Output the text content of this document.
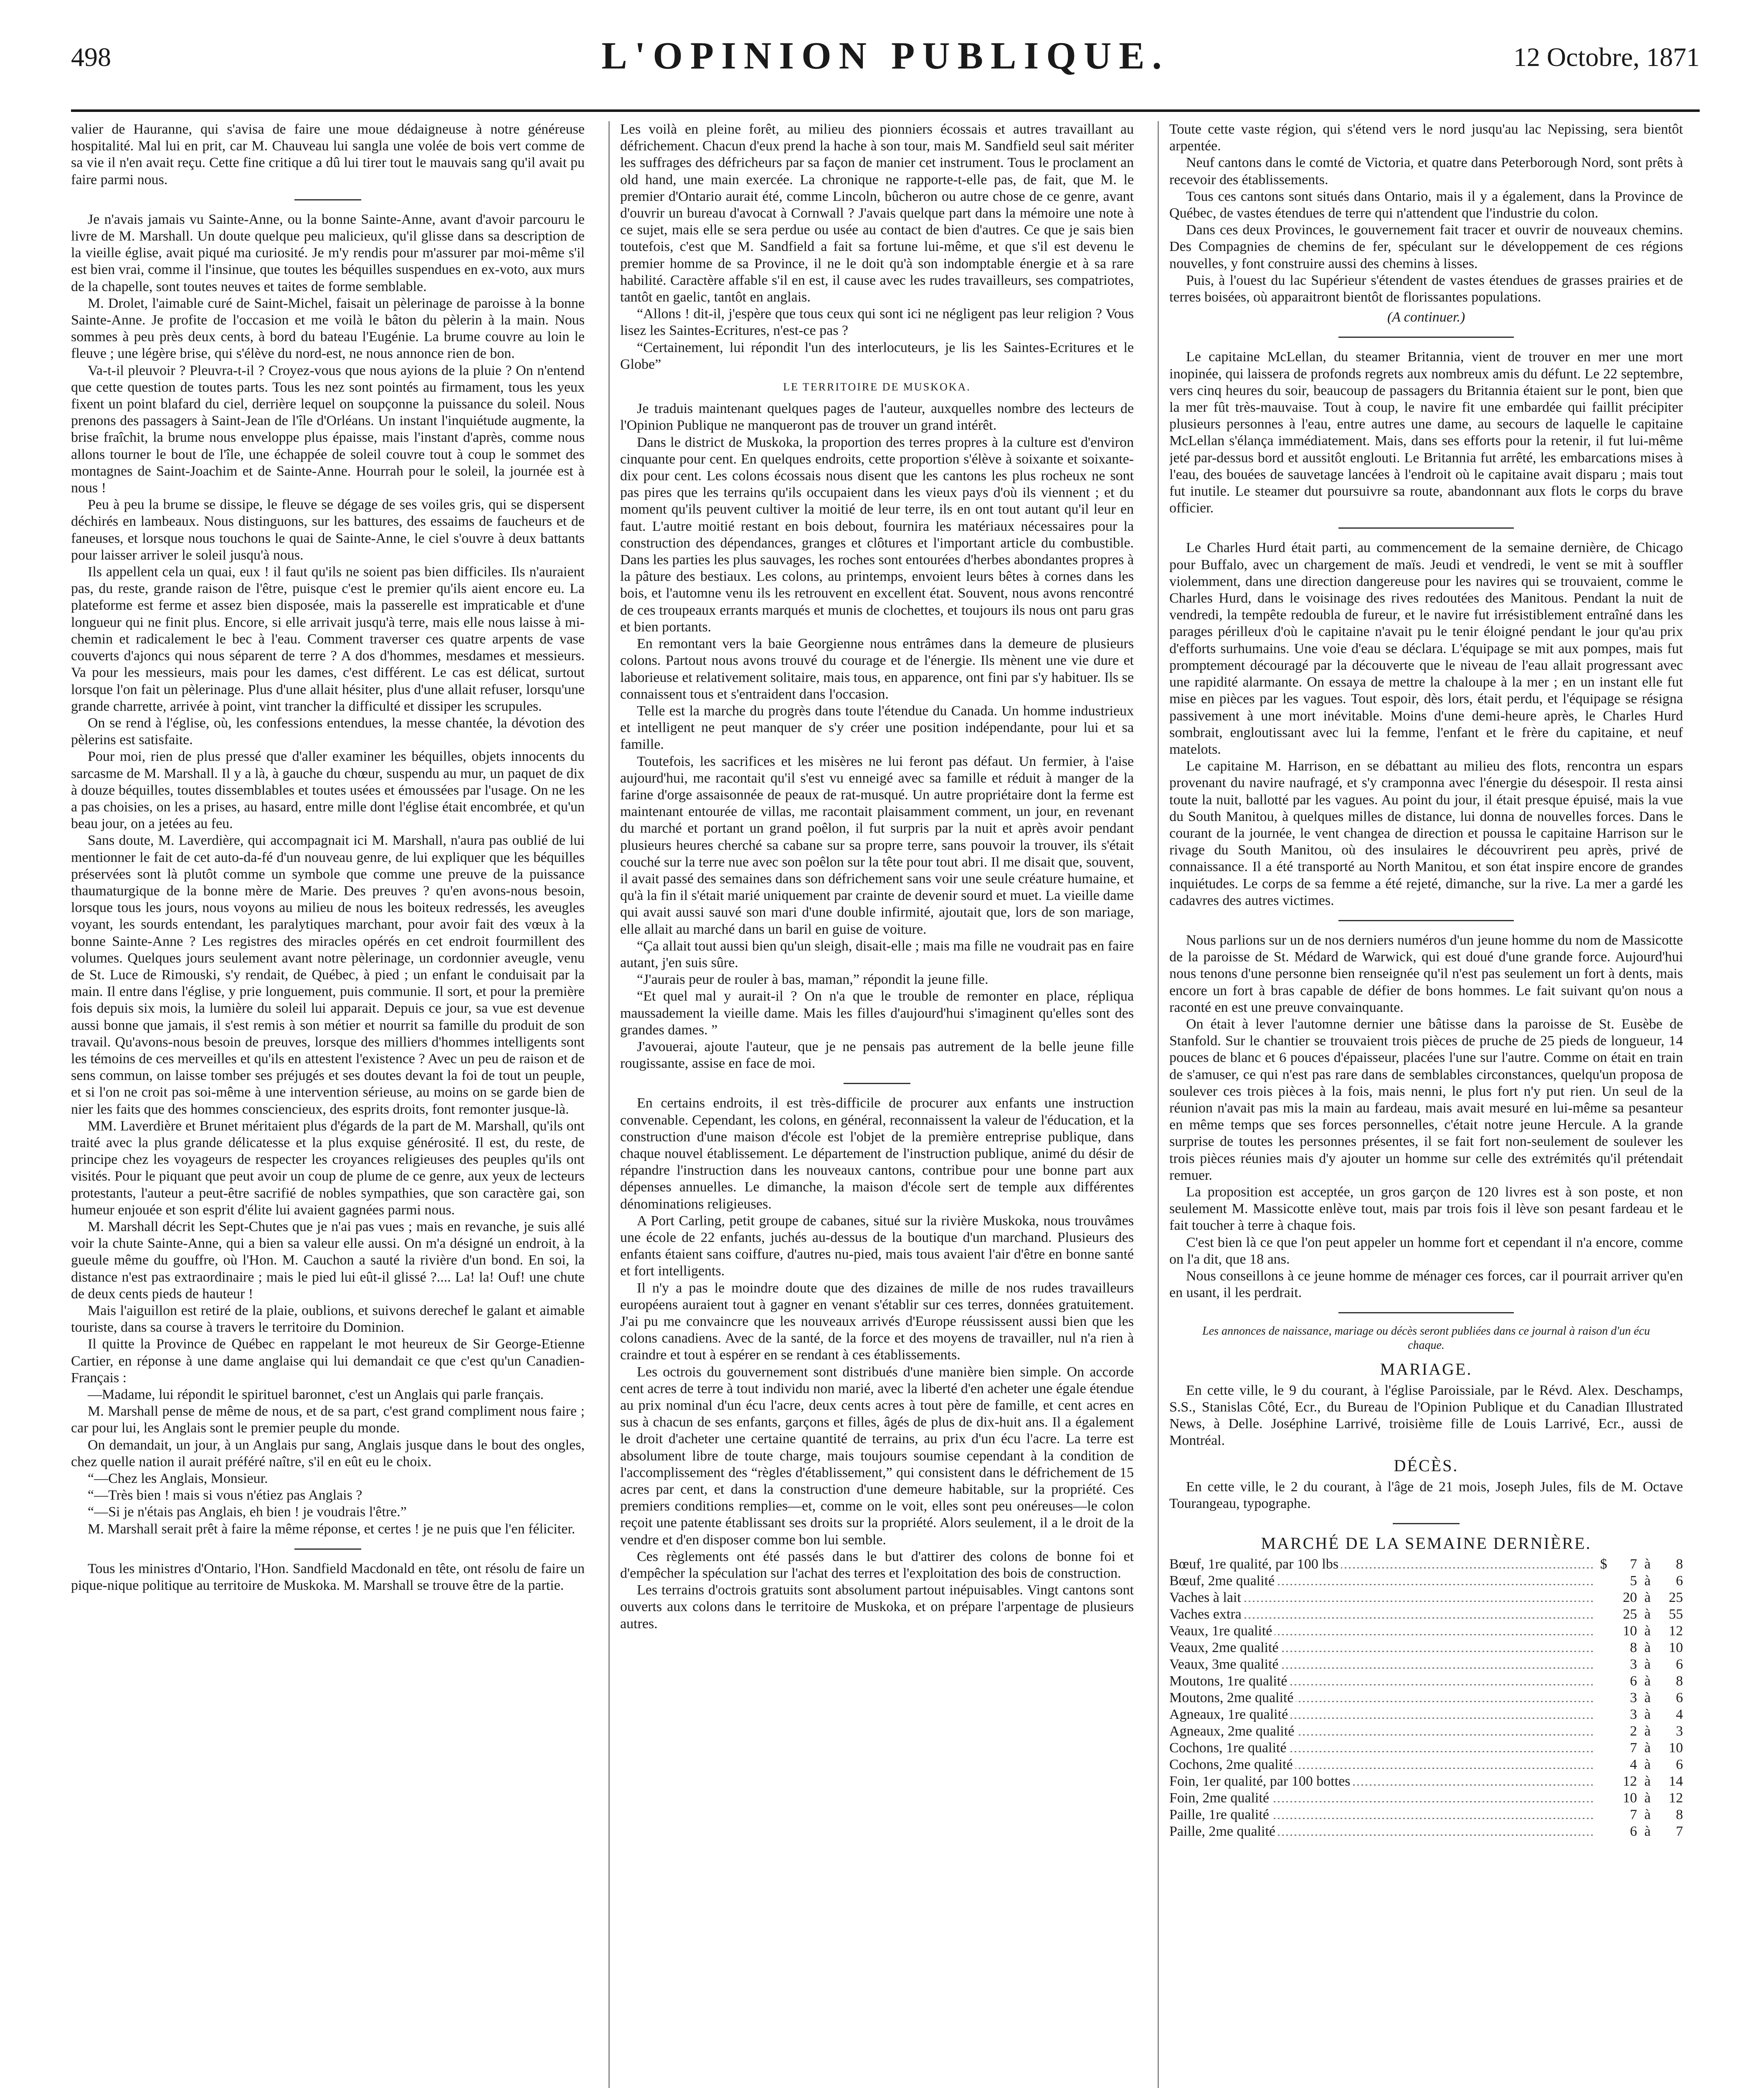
498	L'OPINION PUBLIQUE.	12 Octobre, 1871

valier de Hauranne, qui s'avisa de faire une moue dédaigneuse à notre généreuse hospitalité. Mal lui en prit, car M. Chauveau lui sangla une volée de bois vert comme de sa vie il n'en avait reçu. Cette fine critique a dû lui tirer tout le mauvais sang qu'il avait pu faire parmi nous.

Je n'avais jamais vu Sainte-Anne, ou la bonne Sainte-Anne, avant d'avoir parcouru le livre de M. Marshall. Un doute quelque peu malicieux, qu'il glisse dans sa description de la vieille église, avait piqué ma curiosité. Je m'y rendis pour m'assurer par moi-même s'il est bien vrai, comme il l'insinue, que toutes les béquilles suspendues en ex-voto, aux murs de la chapelle, sont toutes neuves et taites de forme semblable.

M. Drolet, l'aimable curé de Saint-Michel, faisait un pèlerinage de paroisse à la bonne Sainte-Anne. Je profite de l'occasion et me voilà le bâton du pèlerin à la main. Nous sommes à peu près deux cents, à bord du bateau l'Eugénie. La brume couvre au loin le fleuve ; une légère brise, qui s'élève du nord-est, ne nous annonce rien de bon.

Va-t-il pleuvoir ? Pleuvra-t-il ? Croyez-vous que nous ayions de la pluie ? On n'entend que cette question de toutes parts. Tous les nez sont pointés au firmament, tous les yeux fixent un point blafard du ciel, derrière lequel on soupçonne la puissance du soleil. Nous prenons des passagers à Saint-Jean de l'île d'Orléans. Un instant l'inquiétude augmente, la brise fraîchit, la brume nous enveloppe plus épaisse, mais l'instant d'après, comme nous allons tourner le bout de l'île, une échappée de soleil couvre tout à coup le sommet des montagnes de Saint-Joachim et de Sainte-Anne. Hourrah pour le soleil, la journée est à nous !

Peu à peu la brume se dissipe, le fleuve se dégage de ses voiles gris, qui se dispersent déchirés en lambeaux. Nous distinguons, sur les battures, des essaims de faucheurs et de faneuses, et lorsque nous touchons le quai de Sainte-Anne, le ciel s'ouvre à deux battants pour laisser arriver le soleil jusqu'à nous.

Ils appellent cela un quai, eux ! il faut qu'ils ne soient pas bien difficiles. Ils n'auraient pas, du reste, grande raison de l'être, puisque c'est le premier qu'ils aient encore eu. La plateforme est ferme et assez bien disposée, mais la passerelle est impraticable et d'une longueur qui ne finit plus. Encore, si elle arrivait jusqu'à terre, mais elle nous laisse à mi-chemin et radicalement le bec à l'eau. Comment traverser ces quatre arpents de vase couverts d'ajoncs qui nous séparent de terre ? A dos d'hommes, mesdames et messieurs. Va pour les messieurs, mais pour les dames, c'est différent. Le cas est délicat, surtout lorsque l'on fait un pèlerinage. Plus d'une allait hésiter, plus d'une allait refuser, lorsqu'une grande charrette, arrivée à point, vint trancher la difficulté et dissiper les scrupules.

On se rend à l'église, où, les confessions entendues, la messe chantée, la dévotion des pèlerins est satisfaite.

Pour moi, rien de plus pressé que d'aller examiner les béquilles, objets innocents du sarcasme de M. Marshall. Il y a là, à gauche du chœur, suspendu au mur, un paquet de dix à douze béquilles, toutes dissemblables et toutes usées et émoussées par l'usage. On ne les a pas choisies, on les a prises, au hasard, entre mille dont l'église était encombrée, et qu'un beau jour, on a jetées au feu.

Sans doute, M. Laverdière, qui accompagnait ici M. Marshall, n'aura pas oublié de lui mentionner le fait de cet auto-da-fé d'un nouveau genre, de lui expliquer que les béquilles préservées sont là plutôt comme un symbole que comme une preuve de la puissance thaumaturgique de la bonne mère de Marie. Des preuves ? qu'en avons-nous besoin, lorsque tous les jours, nous voyons au milieu de nous les boiteux redressés, les aveugles voyant, les sourds entendant, les paralytiques marchant, pour avoir fait des vœux à la bonne Sainte-Anne ? Les registres des miracles opérés en cet endroit fourmillent des volumes. Quelques jours seulement avant notre pèlerinage, un cordonnier aveugle, venu de St. Luce de Rimouski, s'y rendait, de Québec, à pied ; un enfant le conduisait par la main. Il entre dans l'église, y prie longuement, puis communie. Il sort, et pour la première fois depuis six mois, la lumière du soleil lui apparait. Depuis ce jour, sa vue est devenue aussi bonne que jamais, il s'est remis à son métier et nourrit sa famille du produit de son travail. Qu'avons-nous besoin de preuves, lorsque des milliers d'hommes intelligents sont les témoins de ces merveilles et qu'ils en attestent l'existence ? Avec un peu de raison et de sens commun, on laisse tomber ses préjugés et ses doutes devant la foi de tout un peuple, et si l'on ne croit pas soi-même à une intervention sérieuse, au moins on se garde bien de nier les faits que des hommes consciencieux, des esprits droits, font remonter jusque-là.

MM. Laverdière et Brunet méritaient plus d'égards de la part de M. Marshall, qu'ils ont traité avec la plus grande délicatesse et la plus exquise générosité. Il est, du reste, de principe chez les voyageurs de respecter les croyances religieuses des peuples qu'ils ont visités. Pour le piquant que peut avoir un coup de plume de ce genre, aux yeux de lecteurs protestants, l'auteur a peut-être sacrifié de nobles sympathies, que son caractère gai, son humeur enjouée et son esprit d'élite lui avaient gagnées parmi nous.

M. Marshall décrit les Sept-Chutes que je n'ai pas vues ; mais en revanche, je suis allé voir la chute Sainte-Anne, qui a bien sa valeur elle aussi. On m'a désigné un endroit, à la gueule même du gouffre, où l'Hon. M. Cauchon a sauté la rivière d'un bond. En soi, la distance n'est pas extraordinaire ; mais le pied lui eût-il glissé ?.... La! la! Ouf! une chute de deux cents pieds de hauteur !

Mais l'aiguillon est retiré de la plaie, oublions, et suivons derechef le galant et aimable touriste, dans sa course à travers le territoire du Dominion.

Il quitte la Province de Québec en rappelant le mot heureux de Sir George-Etienne Cartier, en réponse à une dame anglaise qui lui demandait ce que c'est qu'un Canadien-Français :

—Madame, lui répondit le spirituel baronnet, c'est un Anglais qui parle français.

M. Marshall pense de même de nous, et de sa part, c'est grand compliment nous faire ; car pour lui, les Anglais sont le premier peuple du monde.

On demandait, un jour, à un Anglais pur sang, Anglais jusque dans le bout des ongles, chez quelle nation il aurait préféré naître, s'il en eût eu le choix.

“—Chez les Anglais, Monsieur.

“—Très bien ! mais si vous n'étiez pas Anglais ?

“—Si je n'étais pas Anglais, eh bien ! je voudrais l'être.”

M. Marshall serait prêt à faire la même réponse, et certes ! je ne puis que l'en féliciter.

Tous les ministres d'Ontario, l'Hon. Sandfield Macdonald en tête, ont résolu de faire un pique-nique politique au territoire de Muskoka. M. Marshall se trouve être de la partie.

Les voilà en pleine forêt, au milieu des pionniers écossais et autres travaillant au défrichement. Chacun d'eux prend la hache à son tour, mais M. Sandfield seul sait mériter les suffrages des défricheurs par sa façon de manier cet instrument. Tous le proclament an old hand, une main exercée. La chronique ne rapporte-t-elle pas, de fait, que M. le premier d'Ontario aurait été, comme Lincoln, bûcheron ou autre chose de ce genre, avant d'ouvrir un bureau d'avocat à Cornwall ? J'avais quelque part dans la mémoire une note à ce sujet, mais elle se sera perdue ou usée au contact de bien d'autres. Ce que je sais bien toutefois, c'est que M. Sandfield a fait sa fortune lui-même, et que s'il est devenu le premier homme de sa Province, il ne le doit qu'à son indomptable énergie et à sa rare habilité. Caractère affable s'il en est, il cause avec les rudes travailleurs, ses compatriotes, tantôt en gaelic, tantôt en anglais.

“Allons ! dit-il, j'espère que tous ceux qui sont ici ne négligent pas leur religion ? Vous lisez les Saintes-Ecritures, n'est-ce pas ?

“Certainement, lui répondit l'un des interlocuteurs, je lis les Saintes-Ecritures et le Globe”

LE TERRITOIRE DE MUSKOKA.

Je traduis maintenant quelques pages de l'auteur, auxquelles nombre des lecteurs de l'Opinion Publique ne manqueront pas de trouver un grand intérêt.

Dans le district de Muskoka, la proportion des terres propres à la culture est d'environ cinquante pour cent. En quelques endroits, cette proportion s'élève à soixante et soixante-dix pour cent. Les colons écossais nous disent que les cantons les plus rocheux ne sont pas pires que les terrains qu'ils occupaient dans les vieux pays d'où ils viennent ; et du moment qu'ils peuvent cultiver la moitié de leur terre, ils en ont tout autant qu'il leur en faut. L'autre moitié restant en bois debout, fournira les matériaux nécessaires pour la construction des dépendances, granges et clôtures et l'important article du combustible. Dans les parties les plus sauvages, les roches sont entourées d'herbes abondantes propres à la pâture des bestiaux. Les colons, au printemps, envoient leurs bêtes à cornes dans les bois, et l'automne venu ils les retrouvent en excellent état. Souvent, nous avons rencontré de ces troupeaux errants marqués et munis de clochettes, et toujours ils nous ont paru gras et bien portants.

En remontant vers la baie Georgienne nous entrâmes dans la demeure de plusieurs colons. Partout nous avons trouvé du courage et de l'énergie. Ils mènent une vie dure et laborieuse et relativement solitaire, mais tous, en apparence, ont fini par s'y habituer. Ils se connaissent tous et s'entraident dans l'occasion.

Telle est la marche du progrès dans toute l'étendue du Canada. Un homme industrieux et intelligent ne peut manquer de s'y créer une position indépendante, pour lui et sa famille.

Toutefois, les sacrifices et les misères ne lui feront pas défaut. Un fermier, à l'aise aujourd'hui, me racontait qu'il s'est vu enneigé avec sa famille et réduit à manger de la farine d'orge assaisonnée de peaux de rat-musqué. Un autre propriétaire dont la ferme est maintenant entourée de villas, me racontait plaisamment comment, un jour, en revenant du marché et portant un grand poêlon, il fut surpris par la nuit et après avoir pendant plusieurs heures cherché sa cabane sur sa propre terre, sans pouvoir la trouver, ils s'était couché sur la terre nue avec son poêlon sur la tête pour tout abri. Il me disait que, souvent, il avait passé des semaines dans son défrichement sans voir une seule créature humaine, et qu'à la fin il s'était marié uniquement par crainte de devenir sourd et muet. La vieille dame qui avait aussi sauvé son mari d'une double infirmité, ajoutait que, lors de son mariage, elle allait au marché dans un baril en guise de voiture.

“Ça allait tout aussi bien qu'un sleigh, disait-elle ; mais ma fille ne voudrait pas en faire autant, j'en suis sûre.

“J'aurais peur de rouler à bas, maman,” répondit la jeune fille.

“Et quel mal y aurait-il ? On n'a que le trouble de remonter en place, répliqua maussadement la vieille dame. Mais les filles d'aujourd'hui s'imaginent qu'elles sont des grandes dames. ”

J'avouerai, ajoute l'auteur, que je ne pensais pas autrement de la belle jeune fille rougissante, assise en face de moi.

En certains endroits, il est très-difficile de procurer aux enfants une instruction convenable. Cependant, les colons, en général, reconnaissent la valeur de l'éducation, et la construction d'une maison d'école est l'objet de la première entreprise publique, dans chaque nouvel établissement. Le département de l'instruction publique, animé du désir de répandre l'instruction dans les nouveaux cantons, contribue pour une bonne part aux dépenses annuelles. Le dimanche, la maison d'école sert de temple aux différentes dénominations religieuses.

A Port Carling, petit groupe de cabanes, situé sur la rivière Muskoka, nous trouvâmes une école de 22 enfants, juchés au-dessus de la boutique d'un marchand. Plusieurs des enfants étaient sans coiffure, d'autres nu-pied, mais tous avaient l'air d'être en bonne santé et fort intelligents.

Il n'y a pas le moindre doute que des dizaines de mille de nos rudes travailleurs européens auraient tout à gagner en venant s'établir sur ces terres, données gratuitement. J'ai pu me convaincre que les nouveaux arrivés d'Europe réussissent aussi bien que les colons canadiens. Avec de la santé, de la force et des moyens de travailler, nul n'a rien à craindre et tout à espérer en se rendant à ces établissements.

Les octrois du gouvernement sont distribués d'une manière bien simple. On accorde cent acres de terre à tout individu non marié, avec la liberté d'en acheter une égale étendue au prix nominal d'un écu l'acre, deux cents acres à tout père de famille, et cent acres en sus à chacun de ses enfants, garçons et filles, âgés de plus de dix-huit ans. Il a également le droit d'acheter une certaine quantité de terrains, au prix d'un écu l'acre. La terre est absolument libre de toute charge, mais toujours soumise cependant à la condition de l'accomplissement des “règles d'établissement,” qui consistent dans le défrichement de 15 acres par cent, et dans la construction d'une demeure habitable, sur la propriété. Ces premiers conditions remplies—et, comme on le voit, elles sont peu onéreuses—le colon reçoit une patente établissant ses droits sur la propriété. Alors seulement, il a le droit de la vendre et d'en disposer comme bon lui semble.

Ces règlements ont été passés dans le but d'attirer des colons de bonne foi et d'empêcher la spéculation sur l'achat des terres et l'exploitation des bois de construction.

Les terrains d'octrois gratuits sont absolument partout inépuisables. Vingt cantons sont ouverts aux colons dans le territoire de Muskoka, et on prépare l'arpentage de plusieurs autres.

Toute cette vaste région, qui s'étend vers le nord jusqu'au lac Nepissing, sera bientôt arpentée.

Neuf cantons dans le comté de Victoria, et quatre dans Peterborough Nord, sont prêts à recevoir des établissements.

Tous ces cantons sont situés dans Ontario, mais il y a également, dans la Province de Québec, de vastes étendues de terre qui n'attendent que l'industrie du colon.

Dans ces deux Provinces, le gouvernement fait tracer et ouvrir de nouveaux chemins. Des Compagnies de chemins de fer, spéculant sur le développement de ces régions nouvelles, y font construire aussi des chemins à lisses.

Puis, à l'ouest du lac Supérieur s'étendent de vastes étendues de grasses prairies et de terres boisées, où apparaitront bientôt de florissantes populations.

(A continuer.)

Le capitaine McLellan, du steamer Britannia, vient de trouver en mer une mort inopinée, qui laissera de profonds regrets aux nombreux amis du défunt. Le 22 septembre, vers cinq heures du soir, beaucoup de passagers du Britannia étaient sur le pont, bien que la mer fût très-mauvaise. Tout à coup, le navire fit une embardée qui faillit précipiter plusieurs personnes à l'eau, entre autres une dame, au secours de laquelle le capitaine McLellan s'élança immédiatement. Mais, dans ses efforts pour la retenir, il fut lui-même jeté par-dessus bord et aussitôt englouti. Le Britannia fut arrêté, les embarcations mises à l'eau, des bouées de sauvetage lancées à l'endroit où le capitaine avait disparu ; mais tout fut inutile. Le steamer dut poursuivre sa route, abandonnant aux flots le corps du brave officier.

Le Charles Hurd était parti, au commencement de la semaine dernière, de Chicago pour Buffalo, avec un chargement de maïs. Jeudi et vendredi, le vent se mit à souffler violemment, dans une direction dangereuse pour les navires qui se trouvaient, comme le Charles Hurd, dans le voisinage des rives redoutées des Manitous. Pendant la nuit de vendredi, la tempête redoubla de fureur, et le navire fut irrésistiblement entraîné dans les parages périlleux d'où le capitaine n'avait pu le tenir éloigné pendant le jour qu'au prix d'efforts surhumains. Une voie d'eau se déclara. L'équipage se mit aux pompes, mais fut promptement découragé par la découverte que le niveau de l'eau allait progressant avec une rapidité alarmante. On essaya de mettre la chaloupe à la mer ; en un instant elle fut mise en pièces par les vagues. Tout espoir, dès lors, était perdu, et l'équipage se résigna passivement à une mort inévitable. Moins d'une demi-heure après, le Charles Hurd sombrait, engloutissant avec lui la femme, l'enfant et le frère du capitaine, et neuf matelots.

Le capitaine M. Harrison, en se débattant au milieu des flots, rencontra un espars provenant du navire naufragé, et s'y cramponna avec l'énergie du désespoir. Il resta ainsi toute la nuit, ballotté par les vagues. Au point du jour, il était presque épuisé, mais la vue du South Manitou, à quelques milles de distance, lui donna de nouvelles forces. Dans le courant de la journée, le vent changea de direction et poussa le capitaine Harrison sur le rivage du South Manitou, où des insulaires le découvrirent peu après, privé de connaissance. Il a été transporté au North Manitou, et son état inspire encore de grandes inquiétudes. Le corps de sa femme a été rejeté, dimanche, sur la rive. La mer a gardé les cadavres des autres victimes.

Nous parlions sur un de nos derniers numéros d'un jeune homme du nom de Massicotte de la paroisse de St. Médard de Warwick, qui est doué d'une grande force. Aujourd'hui nous tenons d'une personne bien renseignée qu'il n'est pas seulement un fort à dents, mais encore un fort à bras capable de défier de bons hommes. Le fait suivant qu'on nous a raconté en est une preuve convainquante.

On était à lever l'automne dernier une bâtisse dans la paroisse de St. Eusèbe de Stanfold. Sur le chantier se trouvaient trois pièces de pruche de 25 pieds de longueur, 14 pouces de blanc et 6 pouces d'épaisseur, placées l'une sur l'autre. Comme on était en train de s'amuser, ce qui n'est pas rare dans de semblables circonstances, quelqu'un proposa de soulever ces trois pièces à la fois, mais nenni, le plus fort n'y put rien. Un seul de la réunion n'avait pas mis la main au fardeau, mais avait mesuré en lui-même sa pesanteur en même temps que ses forces personnelles, c'était notre jeune Hercule. A la grande surprise de toutes les personnes présentes, il se fait fort non-seulement de soulever les trois pièces réunies mais d'y ajouter un homme sur celle des extrémités qu'il prétendait remuer.

La proposition est acceptée, un gros garçon de 120 livres est à son poste, et non seulement M. Massicotte enlève tout, mais par trois fois il lève son pesant fardeau et le fait toucher à terre à chaque fois.

C'est bien là ce que l'on peut appeler un homme fort et cependant il n'a encore, comme on l'a dit, que 18 ans.

Nous conseillons à ce jeune homme de ménager ces forces, car il pourrait arriver qu'en en usant, il les perdrait.

Les annonces de naissance, mariage ou décès seront publiées dans ce journal à raison d'un écu chaque.
MARIAGE.

En cette ville, le 9 du courant, à l'église Paroissiale, par le Révd. Alex. Deschamps, S.S., Stanislas Côté, Ecr., du Bureau de l'Opinion Publique et du Canadian Illustrated News, à Delle. Joséphine Larrivé, troisième fille de Louis Larrivé, Ecr., aussi de Montréal.

DÉCÈS.

En cette ville, le 2 du courant, à l'âge de 21 mois, Joseph Jules, fils de M. Octave Tourangeau, typographe.

MARCHÉ DE LA SEMAINE DERNIÈRE.
Bœuf, 1re qualité, par 100 lbs	$	7	à	8
Bœuf, 2me qualité		5	à	6
Vaches à lait		20	à	25
Vaches extra		25	à	55
Veaux, 1re qualité		10	à	12
Veaux, 2me qualité		8	à	10
Veaux, 3me qualité		3	à	6
Moutons, 1re qualité		6	à	8
Moutons, 2me qualité		3	à	6
Agneaux, 1re qualité		3	à	4
Agneaux, 2me qualité		2	à	3
Cochons, 1re qualité		7	à	10
Cochons, 2me qualité		4	à	6
Foin, 1er qualité, par 100 bottes		12	à	14
Foin, 2me qualité		10	à	12
Paille, 1re qualité		7	à	8
Paille, 2me qualité		6	à	7
